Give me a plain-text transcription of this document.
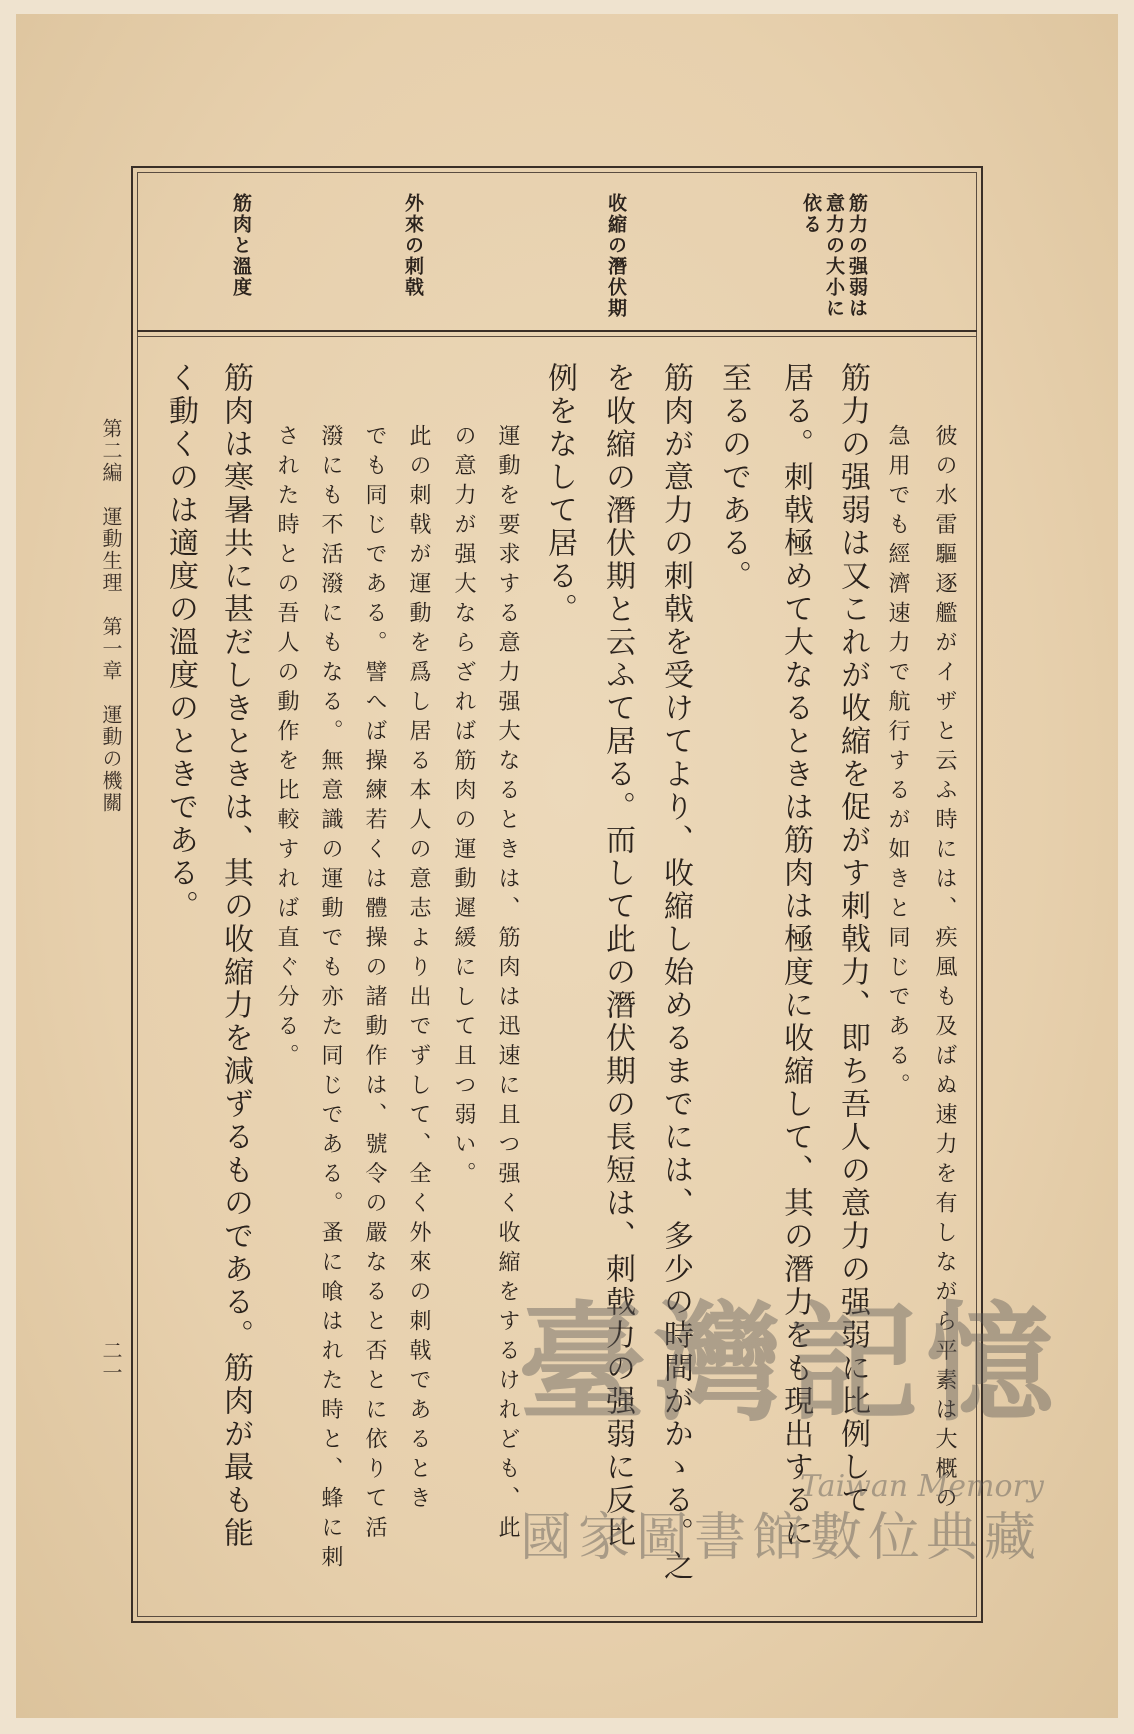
筋力の强弱は
意力の大小に
依る
收縮の潛伏期
外來の刺戟
筋肉と溫度
彼の水雷驅逐艦がイザと云ふ時には、疾風も及ばぬ速力を有しながら平素は大概の
急用でも經濟速力で航行するが如きと同じである。
筋力の强弱は又これが收縮を促がす刺戟力、即ち吾人の意力の强弱に比例して
居る。刺戟極めて大なるときは筋肉は極度に收縮して、其の潛力をも現出するに
至るのである。
筋肉が意力の刺戟を受けてより、收縮し始めるまでには、多少の時間がかゝる。之
を收縮の潛伏期と云ふて居る。而して此の潛伏期の長短は、刺戟力の强弱に反比
例をなして居る。
運動を要求する意力强大なるときは、筋肉は迅速に且つ强く收縮をするけれども、此
の意力が强大ならざれば筋肉の運動遲緩にして且つ弱い。
此の刺戟が運動を爲し居る本人の意志より出でずして、全く外來の刺戟であるとき
でも同じである。譬へば操練若くは體操の諸動作は、號令の嚴なると否とに依りて活
潑にも不活潑にもなる。無意識の運動でも亦た同じである。蚤に喰はれた時と、蜂に刺
された時との吾人の動作を比較すれば直ぐ分る。
筋肉は寒暑共に甚だしきときは、其の收縮力を減ずるものである。筋肉が最も能
く動くのは適度の溫度のときである。
第二編　運動生理　第一章　運動の機關
二一	臺灣記憶
Taiwan Memory
國家圖書館數位典藏
